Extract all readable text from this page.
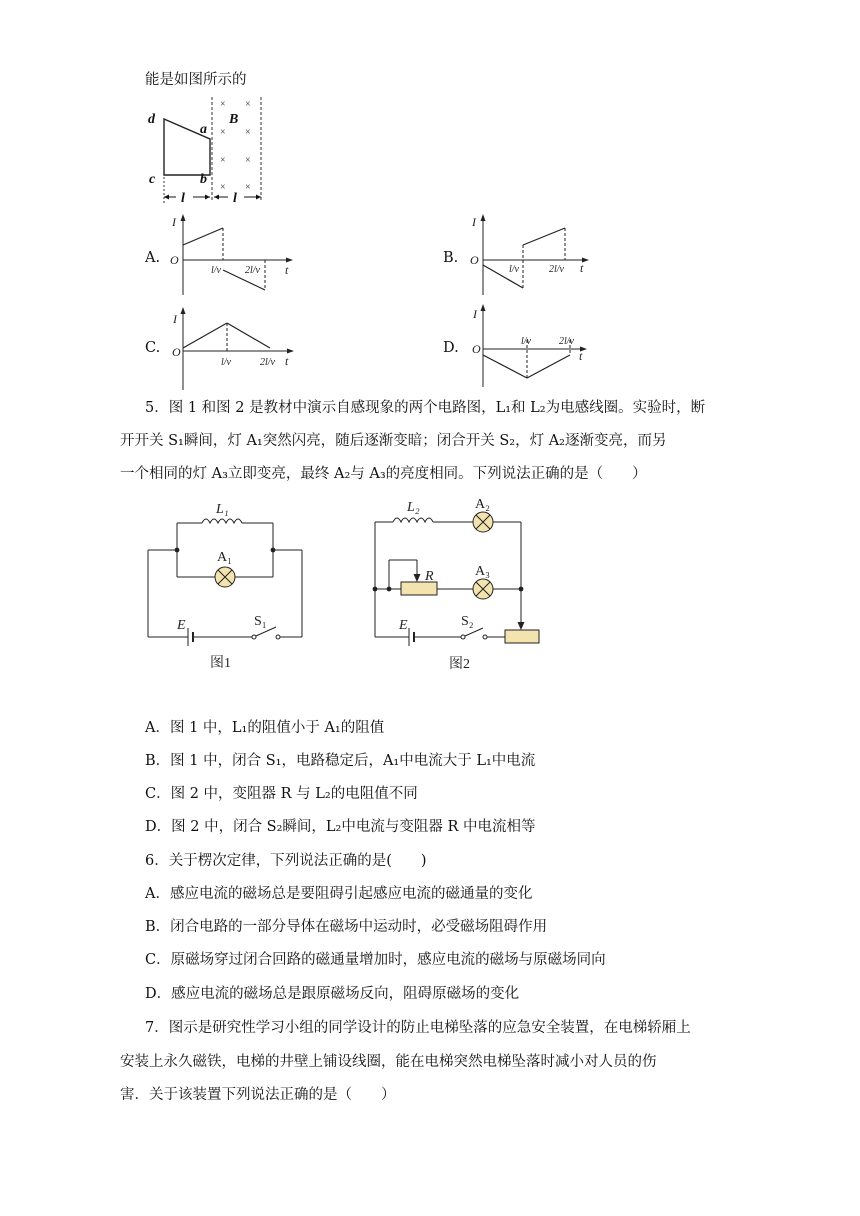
能是如图所示的
× ×
× ×
× ×
× ×
d
a
c	b
B
l	l
A.
I
O
t
l/v 2l/v
B.
I
O
t
l/v	2l/v
C.
I
O
t
l/v	2l/v
D.
I
O	t
l/v	2l/v
5．图 1 和图 2 是教材中演示自感现象的两个电路图，L₁和 L₂为电感线圈。实验时，断
开开关 S₁瞬间，灯 A₁突然闪亮，随后逐渐变暗；闭合开关 S₂，灯 A₂逐渐变亮，而另
一个相同的灯 A₃立即变亮，最终 A₂与 A₃的亮度相同。下列说法正确的是（　　）
L₁
A₁
E	S₁
图1
L₂	A₂
R	A₃
E	S₂
图2
A．图 1 中，L₁的阻值小于 A₁的阻值
B．图 1 中，闭合 S₁，电路稳定后，A₁中电流大于 L₁中电流
C．图 2 中，变阻器 R 与 L₂的电阻值不同
D．图 2 中，闭合 S₂瞬间，L₂中电流与变阻器 R 中电流相等
6．关于楞次定律，下列说法正确的是(　　)
A．感应电流的磁场总是要阻碍引起感应电流的磁通量的变化
B．闭合电路的一部分导体在磁场中运动时，必受磁场阻碍作用
C．原磁场穿过闭合回路的磁通量增加时，感应电流的磁场与原磁场同向
D．感应电流的磁场总是跟原磁场反向，阻碍原磁场的变化
7．图示是研究性学习小组的同学设计的防止电梯坠落的应急安全装置，在电梯轿厢上
安装上永久磁铁，电梯的井壁上铺设线圈，能在电梯突然电梯坠落时减小对人员的伤
害．关于该装置下列说法正确的是（　　）
